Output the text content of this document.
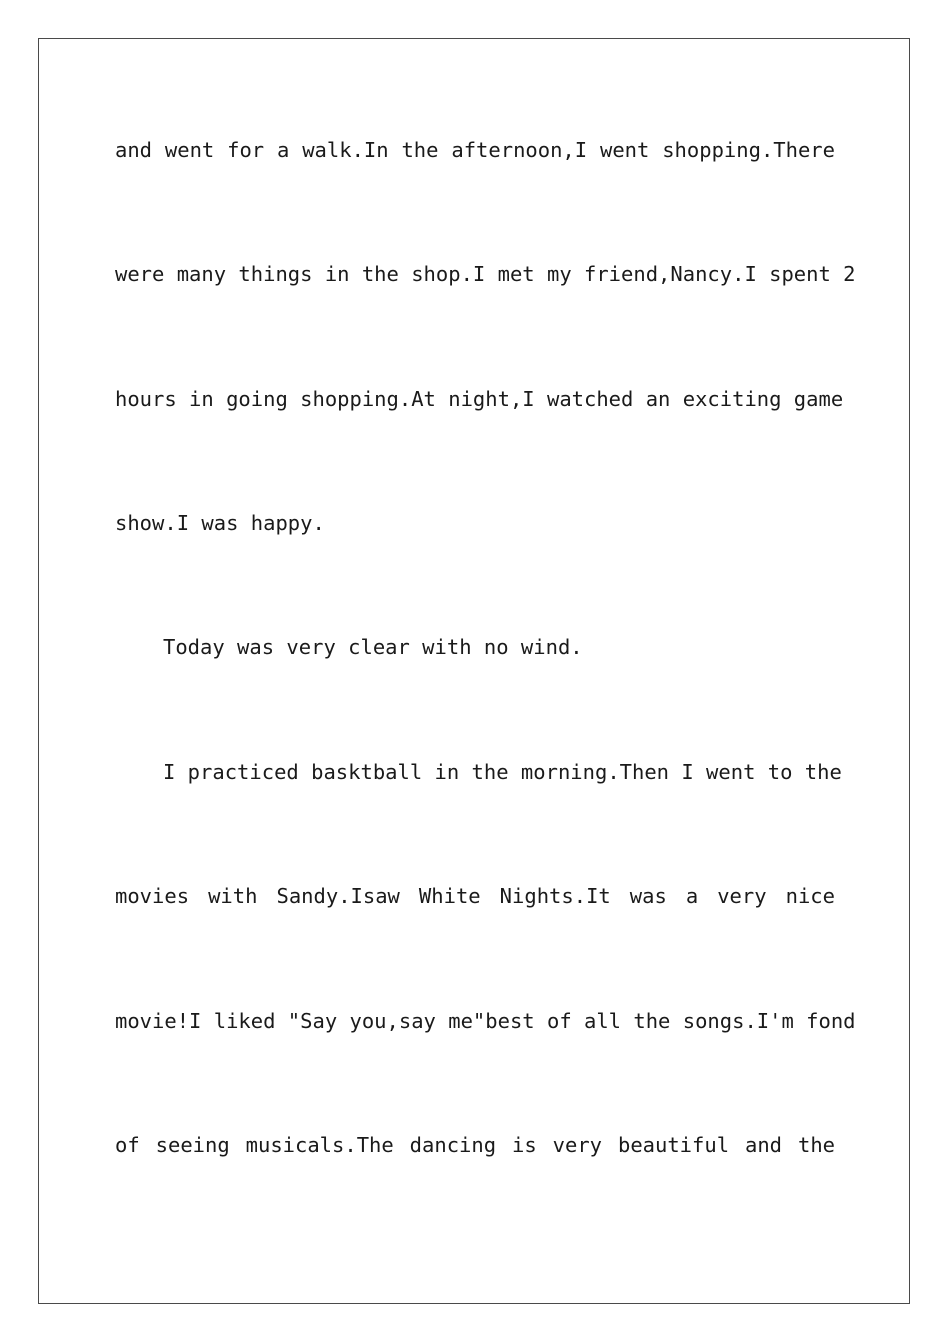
and went for a walk.In the afternoon,I went shopping.There
were many things in the shop.I met my friend,Nancy.I spent 2
hours in going shopping.At night,I watched an exciting game
show.I was happy.
Today was very clear with no wind.
I practiced basktball in the morning.Then I went to the
movies with Sandy.Isaw White Nights.It was a very nice
movie!I liked "Say you,say me"best of all the songs.I'm fond
of seeing musicals.The dancing is very beautiful and the
